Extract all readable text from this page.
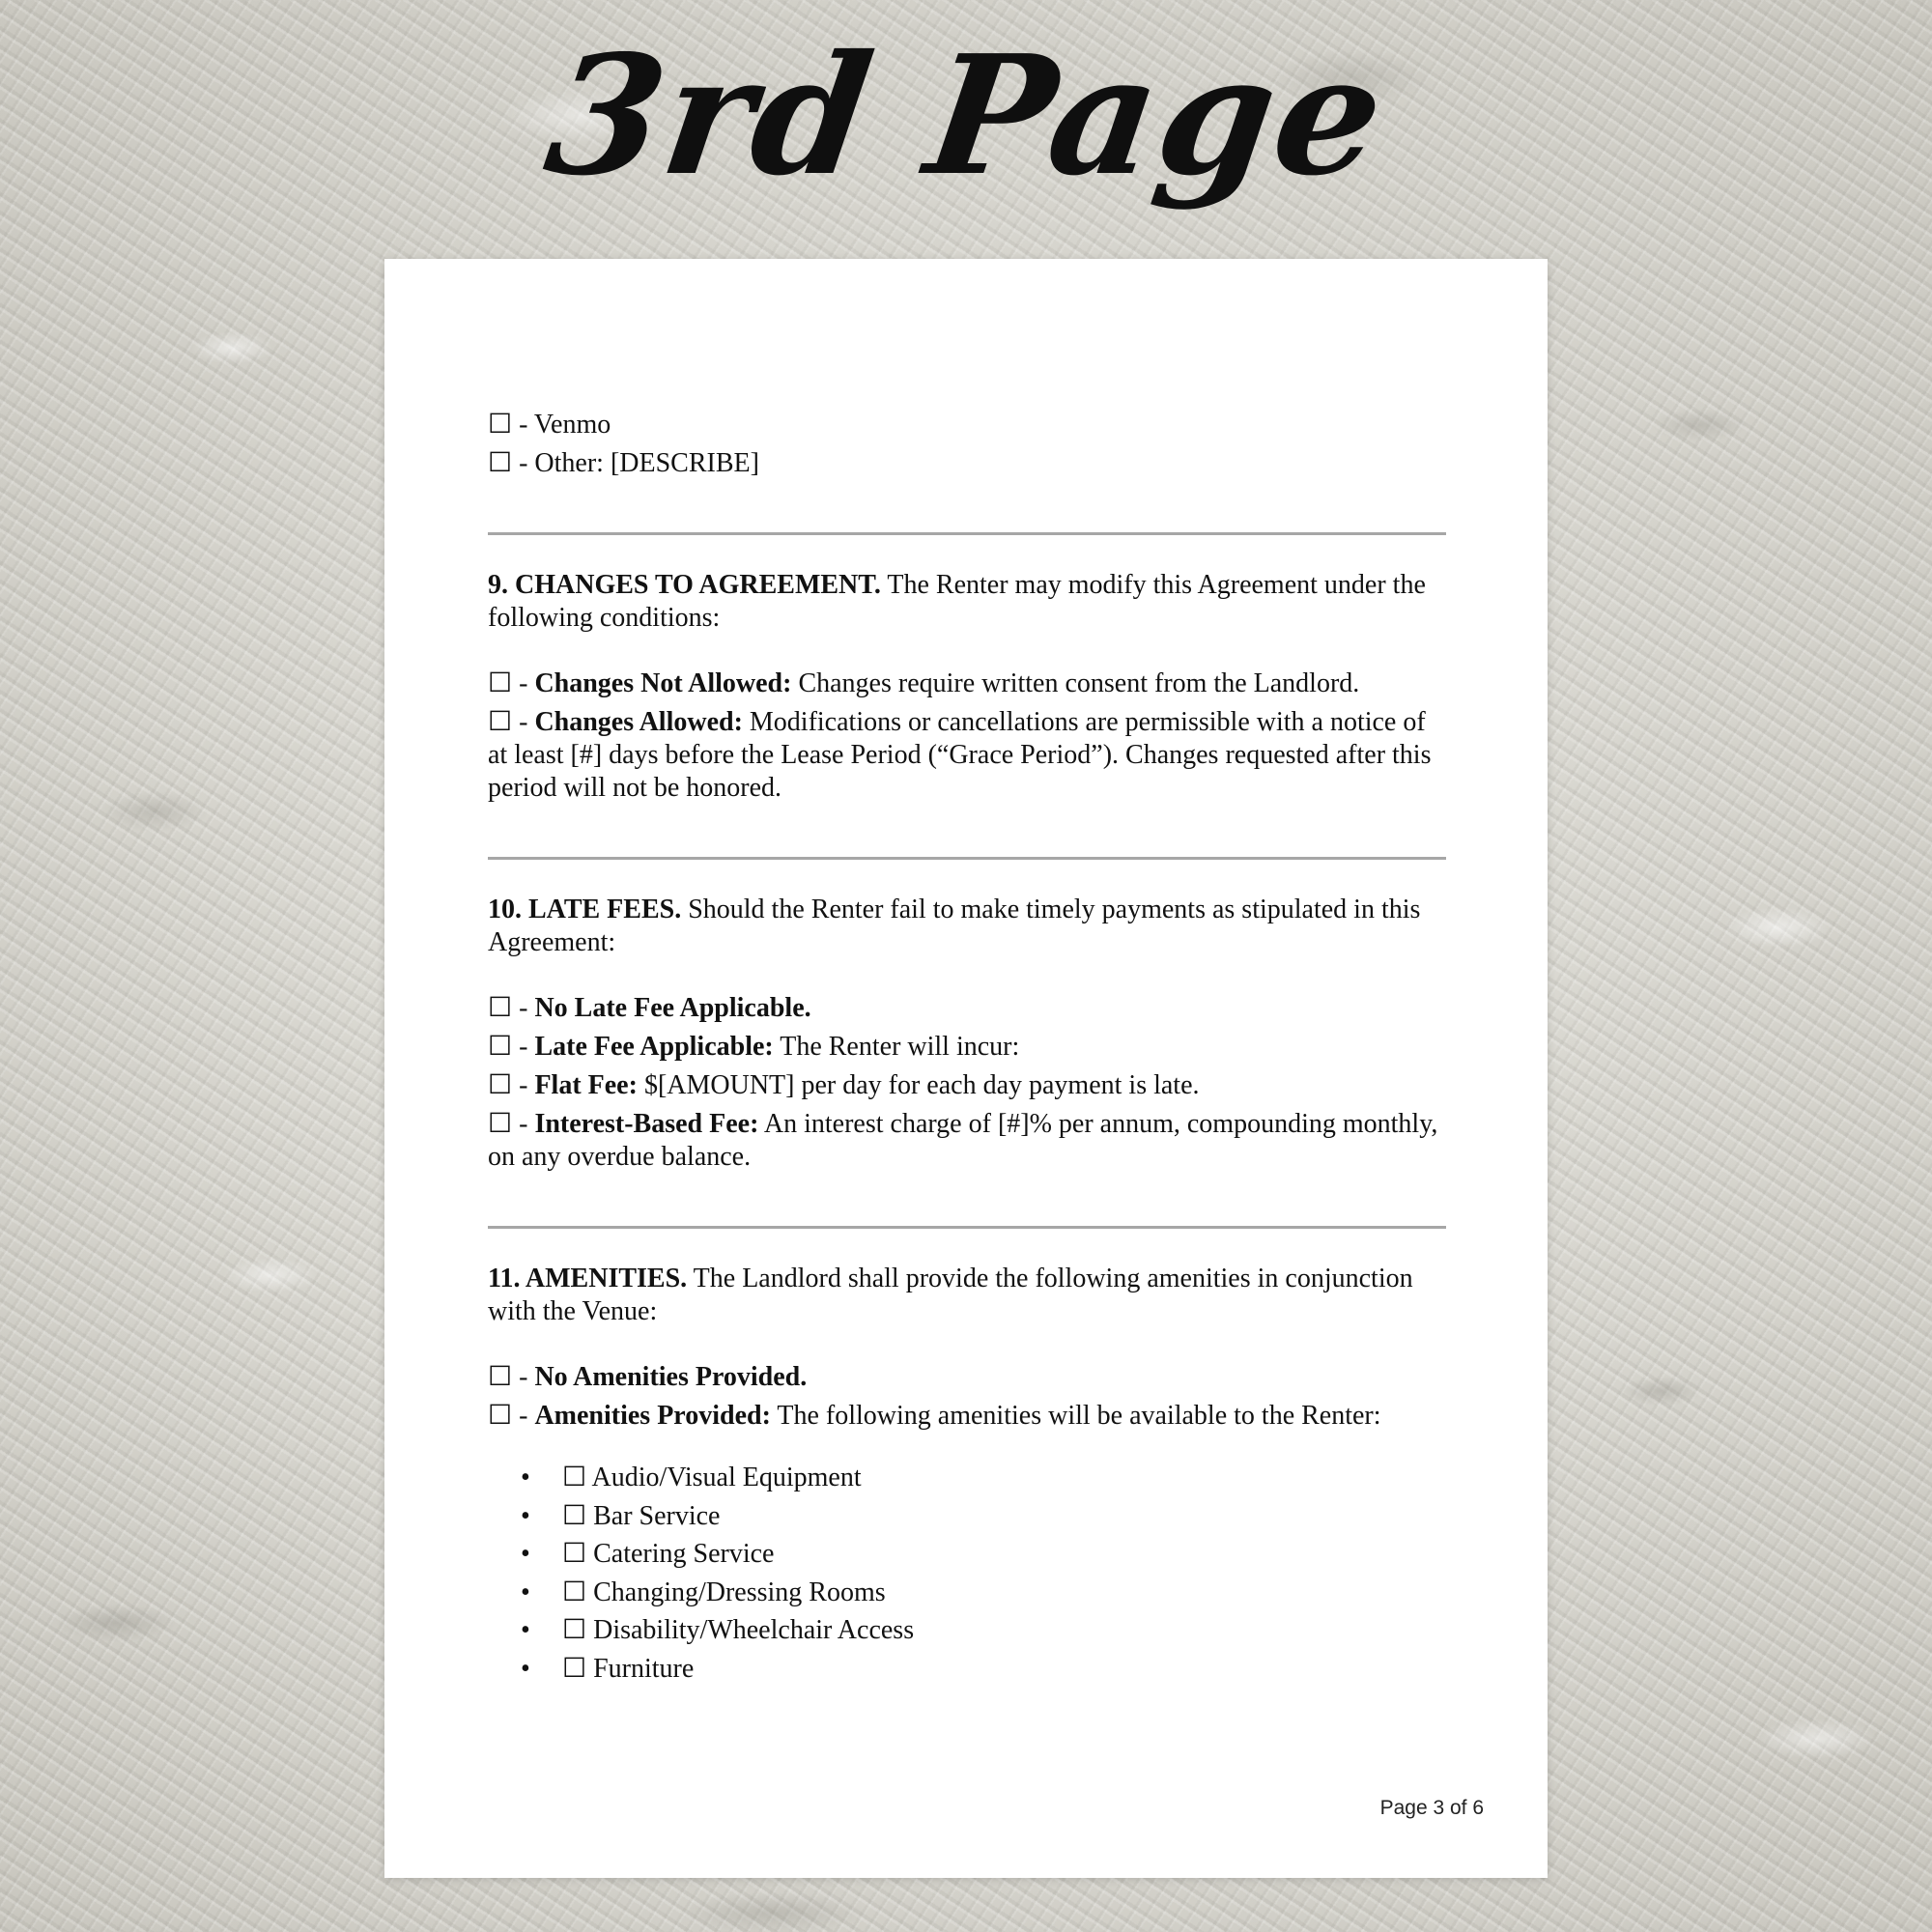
3rd Page

☐ - Venmo

☐ - Other: [DESCRIBE]

9. CHANGES TO AGREEMENT. The Renter may modify this Agreement under the following conditions:

☐ - Changes Not Allowed: Changes require written consent from the Landlord.

☐ - Changes Allowed: Modifications or cancellations are permissible with a notice of at least [#] days before the Lease Period (“Grace Period”). Changes requested after this period will not be honored.

10. LATE FEES. Should the Renter fail to make timely payments as stipulated in this Agreement:

☐ - No Late Fee Applicable.

☐ - Late Fee Applicable: The Renter will incur:

☐ - Flat Fee: $[AMOUNT] per day for each day payment is late.

☐ - Interest-Based Fee: An interest charge of [#]% per annum, compounding monthly, on any overdue balance.

11. AMENITIES. The Landlord shall provide the following amenities in conjunction with the Venue:

☐ - No Amenities Provided.

☐ - Amenities Provided: The following amenities will be available to the Renter:

• ☐ Audio/Visual Equipment
• ☐ Bar Service
• ☐ Catering Service
• ☐ Changing/Dressing Rooms
• ☐ Disability/Wheelchair Access
• ☐ Furniture
Page 3 of 6
